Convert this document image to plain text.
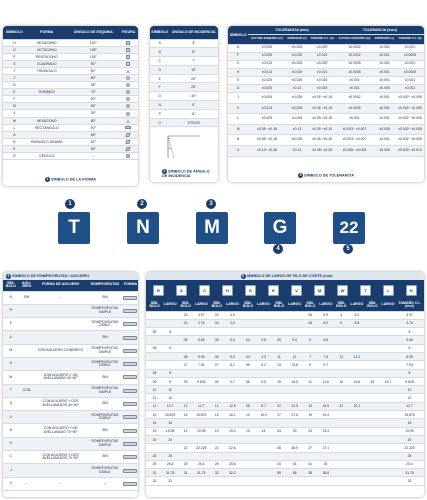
SÍMBOLO	FORMA	ÁNGULO DE ESQUINA	FIGURA
H	HEXÁGONO	120°	
O	OCTÁGONO	135°	
P	PENTÁGONO	108°	
S	CUADRADO	90°	
T	TRIÁNGULO	60°	
C		80°	
D		55°	
E	RÓMBICO	75°	
F		50°	
M		86°	
V		35°	
W	HEXÁGONO	80°	
L	RECTÁNGULO	90°	
A		85°	
B	PARALELO-GRAMO	82°	
K		55°	
R	CÍRCULO	–	
1 SÍMBOLO DE LA FORMA
SÍMBOLO	ÁNGULO DE INCIDENCIA
A	3°
B	5°
C	7°
D	15°
E	20°
F	25°
G	30°
N	0°
P	11°
O	OTROS
2 SÍMBOLO DE ÁNGULO DE INCIDENCIA
SÍMBOLO	TOLERANCIA (mm)			TOLERANCIA (inch)		
	ALTURA ESQUINA (m)	ESPESOR (s)	TAMAÑO C.I. (d)	ALTURA ESQUINA (m)	ESPESOR (s)	TAMAÑO C.I. (d)
A	±0.005	±0.025	±0.025	±0.0002	±0.001	±0.001
F	±0.005	±0.025	±0.013	±0.0002	±0.001	±0.0005
C	±0.013	±0.025	±0.025	±0.0005	±0.001	±0.001
H	±0.013	±0.025	±0.013	±0.0005	±0.001	±0.0005
E	±0.025	±0.025	±0.025	±0.001	±0.001	±0.001
G	±0.025	±0.13	±0.025	±0.001	±0.005	±0.001
J	±0.005	±0.025	±0.05 ~±0.15	±0.0002	±0.001	±0.002~ ±0.005
K	±0.013	±0.025	±0.05 ~±0.15	±0.0005	±0.001	±0.002~ ±0.005
L	±0.025	±0.025	±0.05 ~±0.15	±0.001	±0.001	±0.002~ ±0.005
M	±0.08 ~±0.18	±0.13	±0.05 ~±0.15	±0.003~ ±0.007	±0.005	±0.002~ ±0.005
N	±0.08 ~±0.18	±0.025	±0.05 ~±0.15	±0.003~ ±0.007	±0.001	±0.002~ ±0.005
U	±0.13~ ±0.38	±0.13	±0.08~ ±0.25	±0.005~ ±0.015	±0.005	±0.003~ ±0.010
3 SÍMBOLO DE TOLERANCIA
1	2	3
4	5
T	N	M	G	22
4 SÍMBOLO DE ROMPEVIRUTAS / AGUJERO
SÍM-BOLO	AGU-JERO	FORMA DE AGUJERO	ROMPEVIRUTAS	FORMA
N	SIN	–	SIN	
R			ROMPEVIRUTAS SIMPLE	
F			ROMPEVIRUTAS DOBLE	
A			SIN	
M		CON AGUJERO CILÍNDRICO	ROMPEVIRUTAS SIMPLE	
G			ROMPEVIRUTAS DOBLE	
W		CON AGUJERO Y UN AVELLANADO 40~60°	SIN	
T	CON		ROMPEVIRUTAS SIMPLE	
Q		CON AGUJERO Y DOS AVELLANADOS 40~60°	SIN	
U			ROMPEVIRUTAS DOBLE	
B		CON AGUJERO Y UN AVELLANADO 70~90°	SIN	
H			ROMPEVIRUTAS SIMPLE	
C		CON AGUJERO Y DOS AVELLANADOS 70~90°	SIN	
J			ROMPEVIRUTAS DOBLE	
X	–	–	–	
5 SÍMBOLO DE LARGO DE FILO DE CORTE (mm)
R	S	C	H	D	E	V	M	W	T	L	K
SÍM-BOLO	LARGO	SÍM-BOLO	LARGO	SÍM-BOLO	LARGO	SÍM-BOLO	LARGO	SÍM-BOLO	LARGO	SÍM-BOLO	LARGO	SÍM-BOLO	LARGO	SÍM-BOLO	LARGO	TAMAÑO C.I. (mm)
		03	3.97	03	4.0					06	6.9	4	4.0			3.97
		04	4.76	04	4.8					08	8.2	5	5.8			4.76
05	5															5
		05	5.56	05	5.6	03	3.8	09	9.6	6	6.8					5.56
06	6															6
		06	6.35	06	6.5	04	4.3	11	11	7	7.6	11	11.2			6.35
		07	7.94	07	8.1	05	5.2	13	13.8	9	9.7					7.94
08	8															8
09	9	09	9.525	09	9.7	06	6.5	15	16.5	11	11.6	16	16.6	16	16.7	9.525
10	10															10
12	12															12
12	12.7	12	12.7	12	12.9	08	8.7	22	22.5	15	15.5	22	22.1			12.7
15	15.875	15	15.875	15	16.1	10	10.9	27	27.5	19	19.4					15.875
16	16															16
19	19.05	19	19.05	19	19.3	13	13	33	33	23	23.3					19.05
20	20															20
		22	22.225	22	22.6			38	38.9	27	27.1					22.225
25	25															25
25	25.4	25	25.4	25	25.8			44	44	31	31					25.4
31	31.75	31	31.75	32	32.2			55	55	38	38.8					31.75
32	32															32
